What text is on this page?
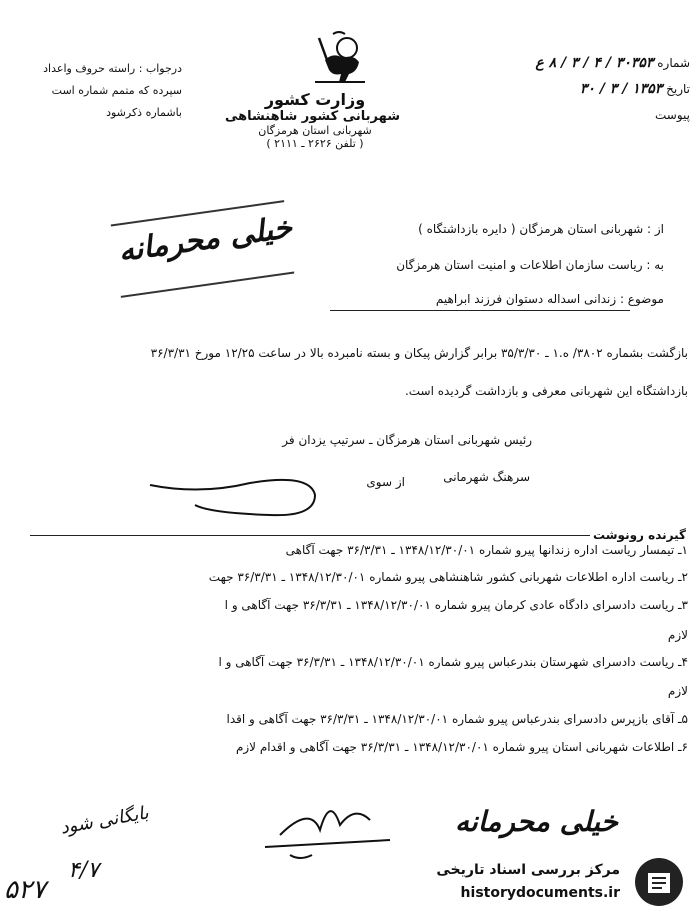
درجواب : راسته حروف واعداد
سپرده که متمم شماره است
باشماره ذکرشود
شماره ۳۰۳۵۳ / ۴ / ۳ / ۸ ع
تاریخ ۱۳۵۳ / ۳ / ۳۰
پیوست
وزارت کشور
شهربانی کشور شاهنشاهی
شهربانی استان هرمزگان
( تلفن ۲۶۲۶ ـ ۲۱۱۱ )
خیلی محرمانه	از : شهربانی استان هرمزگان ( دایره بازداشتگاه )
به : ریاست سازمان اطلاعات و امنیت استان هرمزگان
موضوع : زندانی اسداله دستوان فرزند ابراهیم
بازگشت بشماره ۳۸۰۲/ ه.۱ ـ ۳۵/۳/۳۰ برابر گزارش پیکان و بسته نامبرده بالا در ساعت ۱۲/۲۵ مورخ ۳۶/۳/۳۱
بازداشتگاه این شهربانی معرفی و بازداشت گردیده است.
رئیس شهربانی استان هرمزگان ـ سرتیپ یزدان فر
سرهنگ شهرمانی
از سوی
گیرنده رونوشت
۱ـ تیمسار ریاست اداره زندانها پیرو شماره ۱۳۴۸/۱۲/۳۰/۰۱ ـ ۳۶/۳/۳۱ جهت آگاهی
۲ـ ریاست اداره اطلاعات شهربانی کشور شاهنشاهی پیرو شماره ۱۳۴۸/۱۲/۳۰/۰۱ ـ ۳۶/۳/۳۱ جهت
۳ـ ریاست دادسرای دادگاه عادی کرمان پیرو شماره ۱۳۴۸/۱۲/۳۰/۰۱ ـ ۳۶/۳/۳۱ جهت آگاهی و ا
لازم
۴ـ ریاست دادسرای شهرستان بندرعباس پیرو شماره ۱۳۴۸/۱۲/۳۰/۰۱ ـ ۳۶/۳/۳۱ جهت آگاهی و ا
لازم
۵ـ آقای بازپرس دادسرای بندرعباس پیرو شماره ۱۳۴۸/۱۲/۳۰/۰۱ ـ ۳۶/۳/۳۱ جهت آگاهی و اقدا
۶ـ اطلاعات شهربانی استان پیرو شماره ۱۳۴۸/۱۲/۳۰/۰۱ ـ ۳۶/۳/۳۱ جهت آگاهی و اقدام لازم
خیلی محرمانه
بایگانی شود
۴/۷
۵۲۷
مرکز بررسی اسناد تاریخی
historydocuments.ir
